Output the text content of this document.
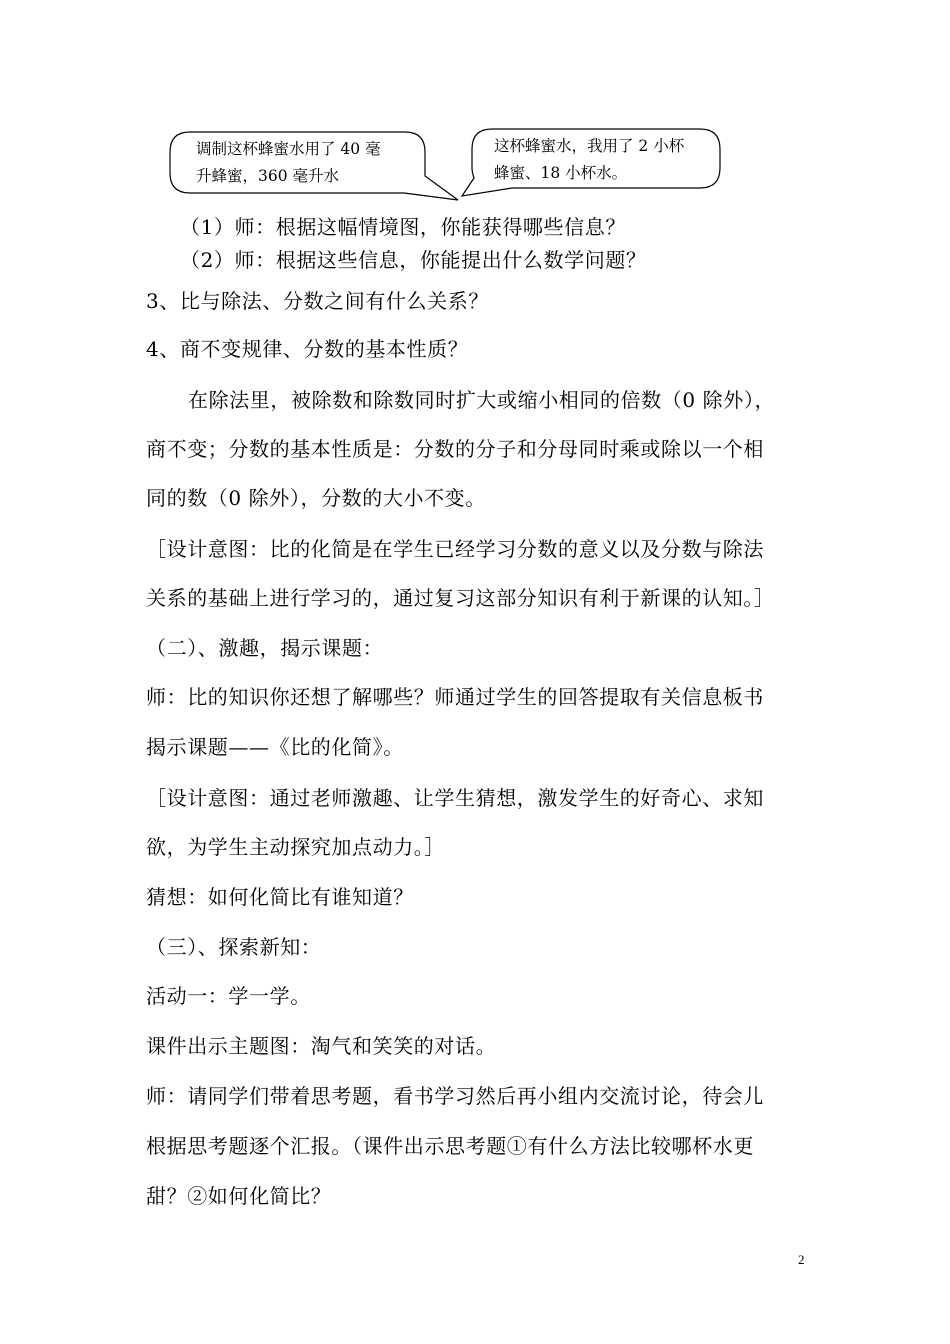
调制这杯蜂蜜水用了 40 毫
升蜂蜜，360 毫升水
这杯蜂蜜水，我用了 2 小杯
蜂蜜、18 小杯水。
（1）师：根据这幅情境图，你能获得哪些信息？
（2）师：根据这些信息，你能提出什么数学问题？
3、比与除法、分数之间有什么关系？
4、商不变规律、分数的基本性质？
在除法里，被除数和除数同时扩大或缩小相同的倍数（0 除外），
商不变；分数的基本性质是：分数的分子和分母同时乘或除以一个相
同的数（0 除外），分数的大小不变。
［设计意图：比的化简是在学生已经学习分数的意义以及分数与除法
关系的基础上进行学习的，通过复习这部分知识有利于新课的认知。］
（二）、激趣，揭示课题：
师：比的知识你还想了解哪些？师通过学生的回答提取有关信息板书
揭示课题——《比的化简》。
［设计意图：通过老师激趣、让学生猜想，激发学生的好奇心、求知
欲，为学生主动探究加点动力。］
猜想：如何化简比有谁知道？
（三）、探索新知：
活动一：学一学。
课件出示主题图：淘气和笑笑的对话。
师：请同学们带着思考题，看书学习然后再小组内交流讨论，待会儿
根据思考题逐个汇报。（课件出示思考题①有什么方法比较哪杯水更
甜？②如何化简比？
2
